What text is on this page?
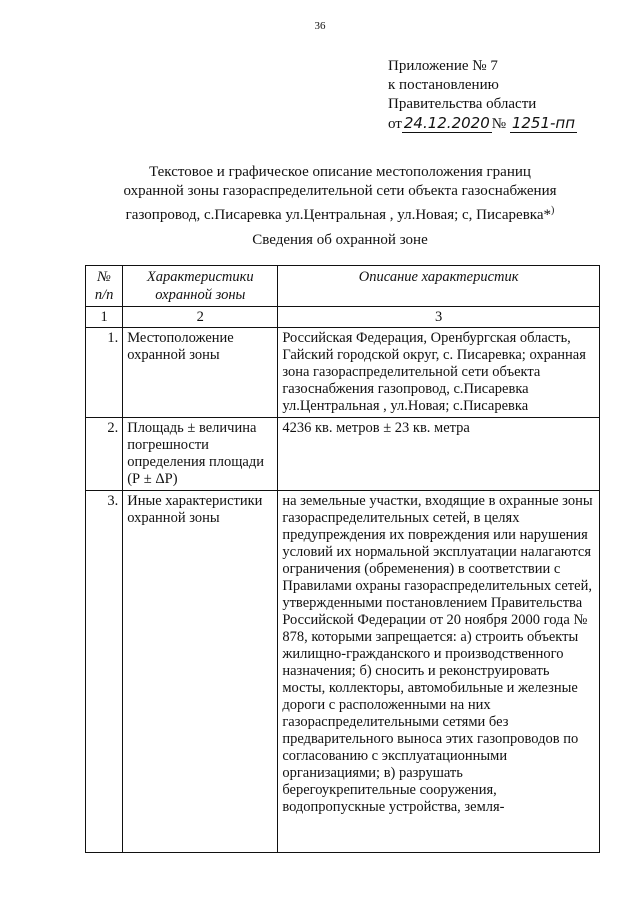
36
Приложение № 7
к постановлению
Правительства области
от 24.12.2020 № 1251-пп
Текстовое и графическое описание местоположения границ
охранной зоны газораспределительной сети объекта газоснабжения
газопровод, с.Писаревка ул.Центральная , ул.Новая; с, Писаревка*)
Сведения об охранной зоне
№ п/п	Характеристики охранной зоны	Описание характеристик
1	2	3
1.	Местоположение охранной зоны	Российская Федерация, Оренбургская область, Гайский городской округ, с. Писаревка; охранная зона газораспределительной сети объекта газоснабжения газопровод, с.Писаревка ул.Центральная , ул.Новая; с.Писаревка
2.	Площадь ± величина погрешности определения площади (Р ± ΔР)	4236 кв. метров ± 23 кв. метра
3.	Иные характеристики охранной зоны	на земельные участки, входящие в охранные зоны газораспределительных сетей, в целях предупреждения их повреждения или нарушения условий их нормальной эксплуатации налагаются ограничения (обременения) в соответствии с Правилами охраны газораспределительных сетей, утвержденными постановлением Правительства Российской Федерации от 20 ноября 2000 года № 878, которыми запрещается: а) строить объекты жилищно-гражданского и производственного назначения; б) сносить и реконструировать мосты, коллекторы, автомобильные и железные дороги с расположенными на них газораспределительными сетями без предварительного выноса этих газопроводов по согласованию с эксплуатационными организациями; в) разрушать берегоукрепительные сооружения, водопропускные устройства, земля-
